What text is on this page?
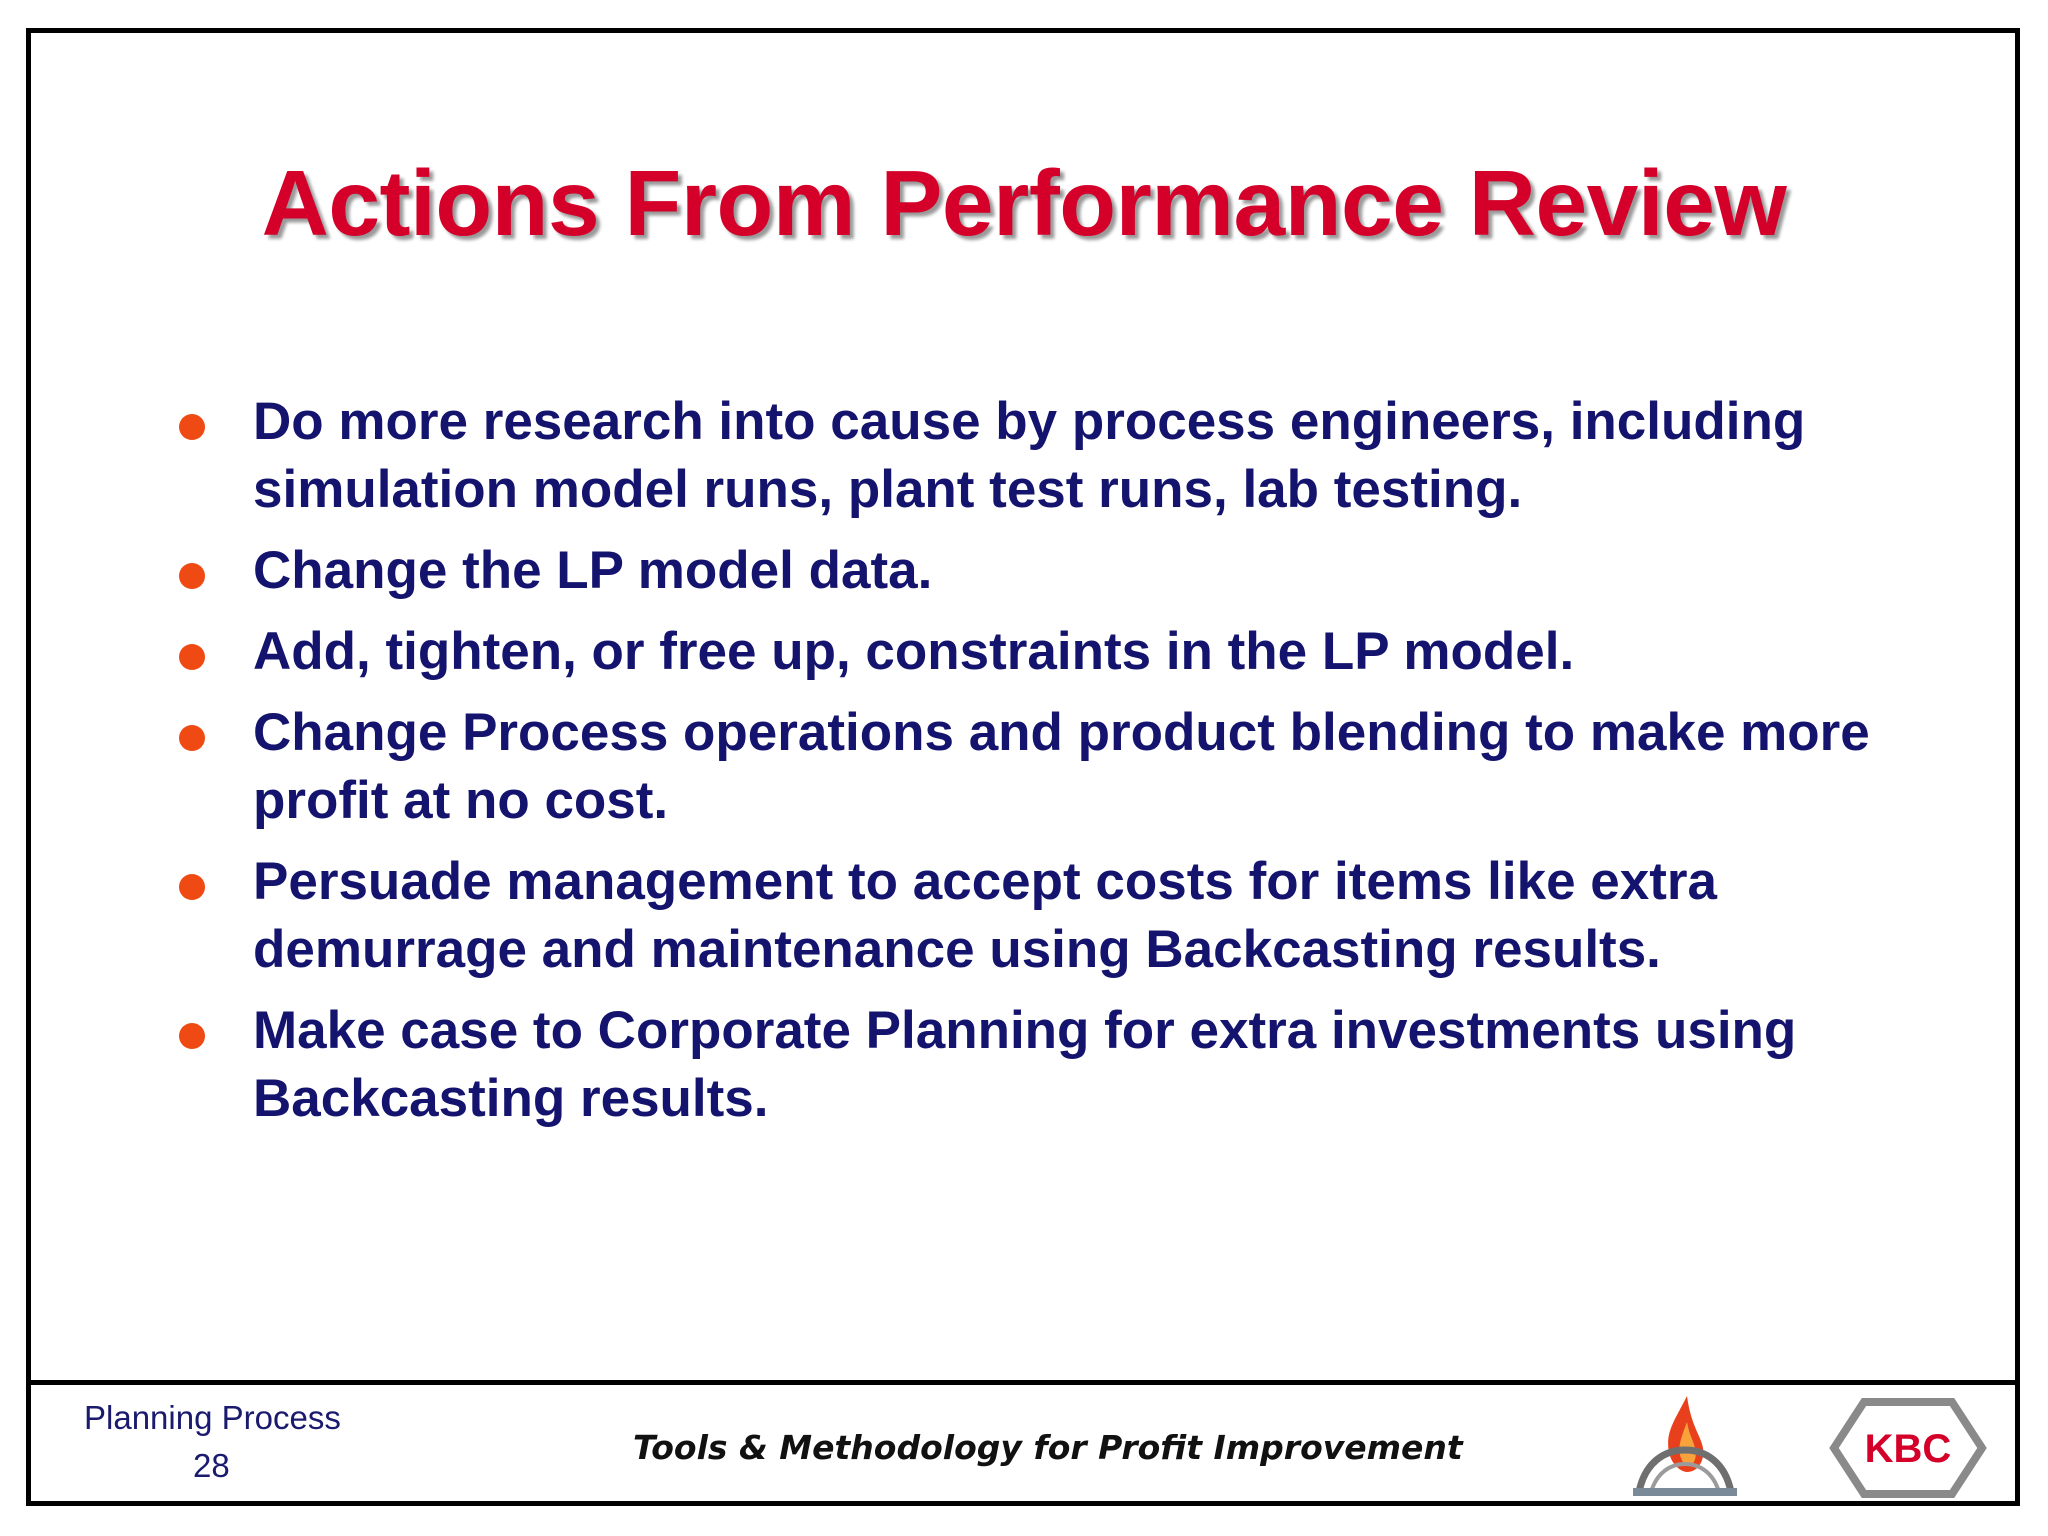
Actions From Performance Review
Do more research into cause by process engineers, including simulation model runs, plant test runs, lab testing.
Change the LP model data.
Add, tighten, or free up, constraints in the LP model.
Change Process operations and product blending to make more profit at no cost.
Persuade management to accept costs for items like extra demurrage and maintenance using Backcasting results.
Make case to Corporate Planning for extra investments using Backcasting results.
Planning Process
28	Tools & Methodology for Profit Improvement	KBC
